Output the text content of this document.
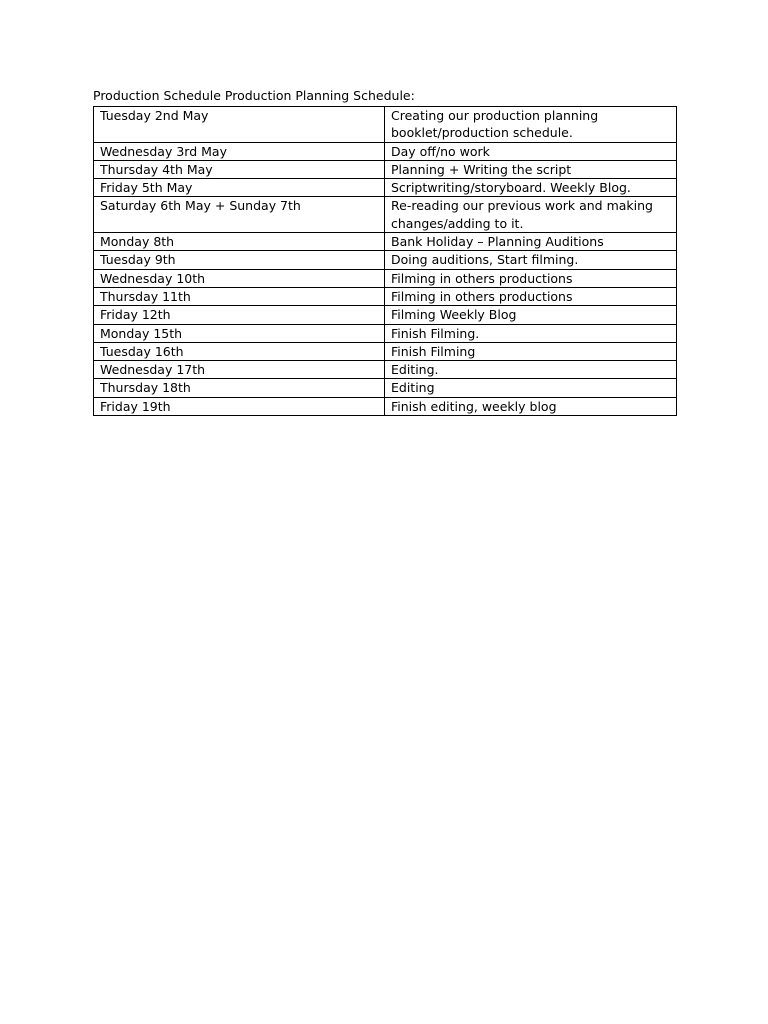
Production Schedule Production Planning Schedule:
Tuesday 2nd May	Creating our production planning booklet/production schedule.
Wednesday 3rd May	Day off/no work
Thursday 4th May	Planning + Writing the script
Friday 5th May	Scriptwriting/storyboard. Weekly Blog.
Saturday 6th May + Sunday 7th	Re-reading our previous work and making changes/adding to it.
Monday 8th	Bank Holiday – Planning Auditions
Tuesday 9th	Doing auditions, Start filming.
Wednesday 10th	Filming in others productions
Thursday 11th	Filming in others productions
Friday 12th	Filming Weekly Blog
Monday 15th	Finish Filming.
Tuesday 16th	Finish Filming
Wednesday 17th	Editing.
Thursday 18th	Editing
Friday 19th	Finish editing, weekly blog
